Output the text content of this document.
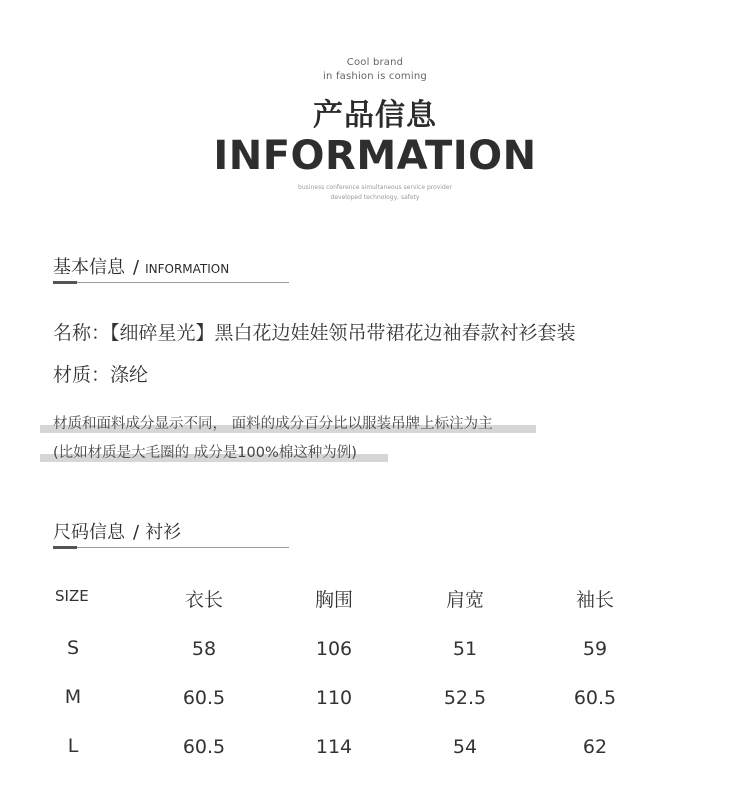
Cool brand
in fashion is coming
产品信息
INFORMATION
business conference simultaneous service provider
developed technology, safety
基本信息 / INFORMATION
名称：【细碎星光】黑白花边娃娃领吊带裙花边袖春款衬衫套装
材质：涤纶
材质和面料成分显示不同， 面料的成分百分比以服装吊牌上标注为主
(比如材质是大毛圈的 成分是100%棉这种为例)
尺码信息 / 衬衫
SIZE	衣长	胸围	肩宽	袖长
S	58	106	51	59
M	60.5	110	52.5	60.5
L	60.5	114	54	62
